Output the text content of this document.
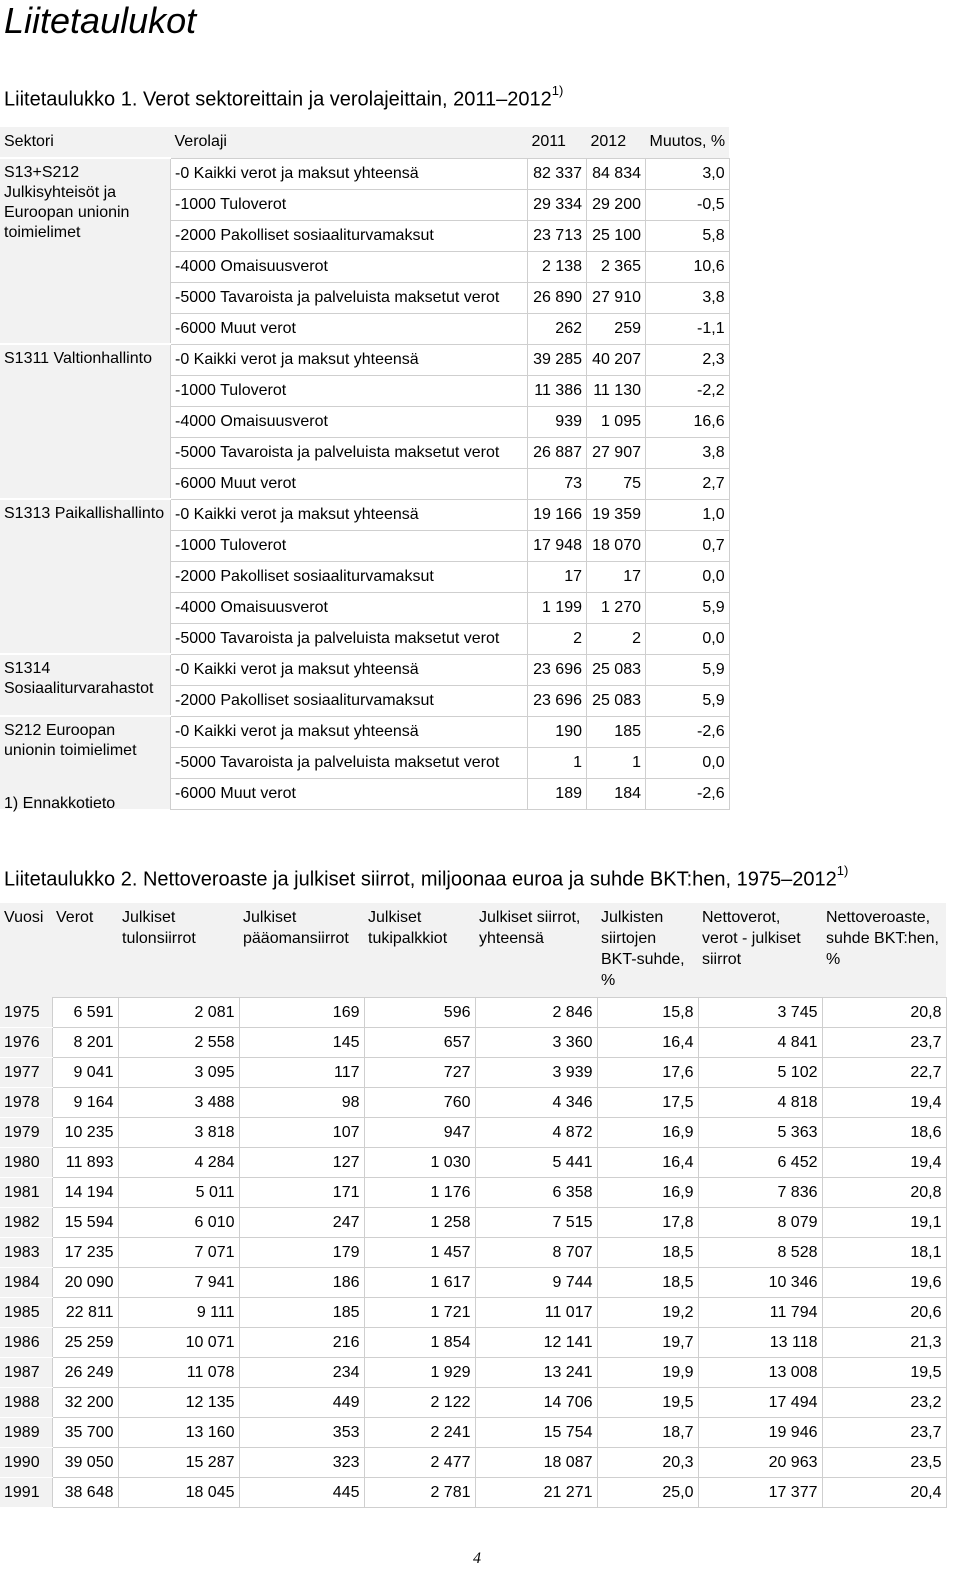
Liitetaulukot
Liitetaulukko 1. Verot sektoreittain ja verolajeittain, 2011–2012$^{1)}$
Sektori	Verolaji	2011	2012	Muutos, %
S13+S212 Julkisyhteisöt ja Euroopan unionin toimielimet	-0 Kaikki verot ja maksut yhteensä	82 337	84 834	3,0
	-1000 Tuloverot	29 334	29 200	-0,5
	-2000 Pakolliset sosiaaliturvamaksut	23 713	25 100	5,8
	-4000 Omaisuusverot	2 138	2 365	10,6
	-5000 Tavaroista ja palveluista maksetut verot	26 890	27 910	3,8
	-6000 Muut verot	262	259	-1,1
S1311 Valtionhallinto	-0 Kaikki verot ja maksut yhteensä	39 285	40 207	2,3
	-1000 Tuloverot	11 386	11 130	-2,2
	-4000 Omaisuusverot	939	1 095	16,6
	-5000 Tavaroista ja palveluista maksetut verot	26 887	27 907	3,8
	-6000 Muut verot	73	75	2,7
S1313 Paikallishallinto	-0 Kaikki verot ja maksut yhteensä	19 166	19 359	1,0
	-1000 Tuloverot	17 948	18 070	0,7
	-2000 Pakolliset sosiaaliturvamaksut	17	17	0,0
	-4000 Omaisuusverot	1 199	1 270	5,9
	-5000 Tavaroista ja palveluista maksetut verot	2	2	0,0
S1314 Sosiaaliturvarahastot	-0 Kaikki verot ja maksut yhteensä	23 696	25 083	5,9
	-2000 Pakolliset sosiaaliturvamaksut	23 696	25 083	5,9
S212 Euroopan unionin toimielimet	-0 Kaikki verot ja maksut yhteensä	190	185	-2,6
	-5000 Tavaroista ja palveluista maksetut verot	1	1	0,0
	-6000 Muut verot	189	184	-2,6

1) Ennakkotieto

Liitetaulukko 2. Nettoveroaste ja julkiset siirrot, miljoonaa euroa ja suhde BKT:hen, 1975–2012$^{1)}$
Vuosi	Verot	Julkiset tulonsiirrot	Julkiset pääomansiirrot	Julkiset tukipalkkiot	Julkiset siirrot, yhteensä	Julkisten siirtojen BKT-suhde, %	Nettoverot, verot - julkiset siirrot	Nettoveroaste, suhde BKT:hen, %
1975	6 591	2 081	169	596	2 846	15,8	3 745	20,8
1976	8 201	2 558	145	657	3 360	16,4	4 841	23,7
1977	9 041	3 095	117	727	3 939	17,6	5 102	22,7
1978	9 164	3 488	98	760	4 346	17,5	4 818	19,4
1979	10 235	3 818	107	947	4 872	16,9	5 363	18,6
1980	11 893	4 284	127	1 030	5 441	16,4	6 452	19,4
1981	14 194	5 011	171	1 176	6 358	16,9	7 836	20,8
1982	15 594	6 010	247	1 258	7 515	17,8	8 079	19,1
1983	17 235	7 071	179	1 457	8 707	18,5	8 528	18,1
1984	20 090	7 941	186	1 617	9 744	18,5	10 346	19,6
1985	22 811	9 111	185	1 721	11 017	19,2	11 794	20,6
1986	25 259	10 071	216	1 854	12 141	19,7	13 118	21,3
1987	26 249	11 078	234	1 929	13 241	19,9	13 008	19,5
1988	32 200	12 135	449	2 122	14 706	19,5	17 494	23,2
1989	35 700	13 160	353	2 241	15 754	18,7	19 946	23,7
1990	39 050	15 287	323	2 477	18 087	20,3	20 963	23,5
1991	38 648	18 045	445	2 781	21 271	25,0	17 377	20,4

4
